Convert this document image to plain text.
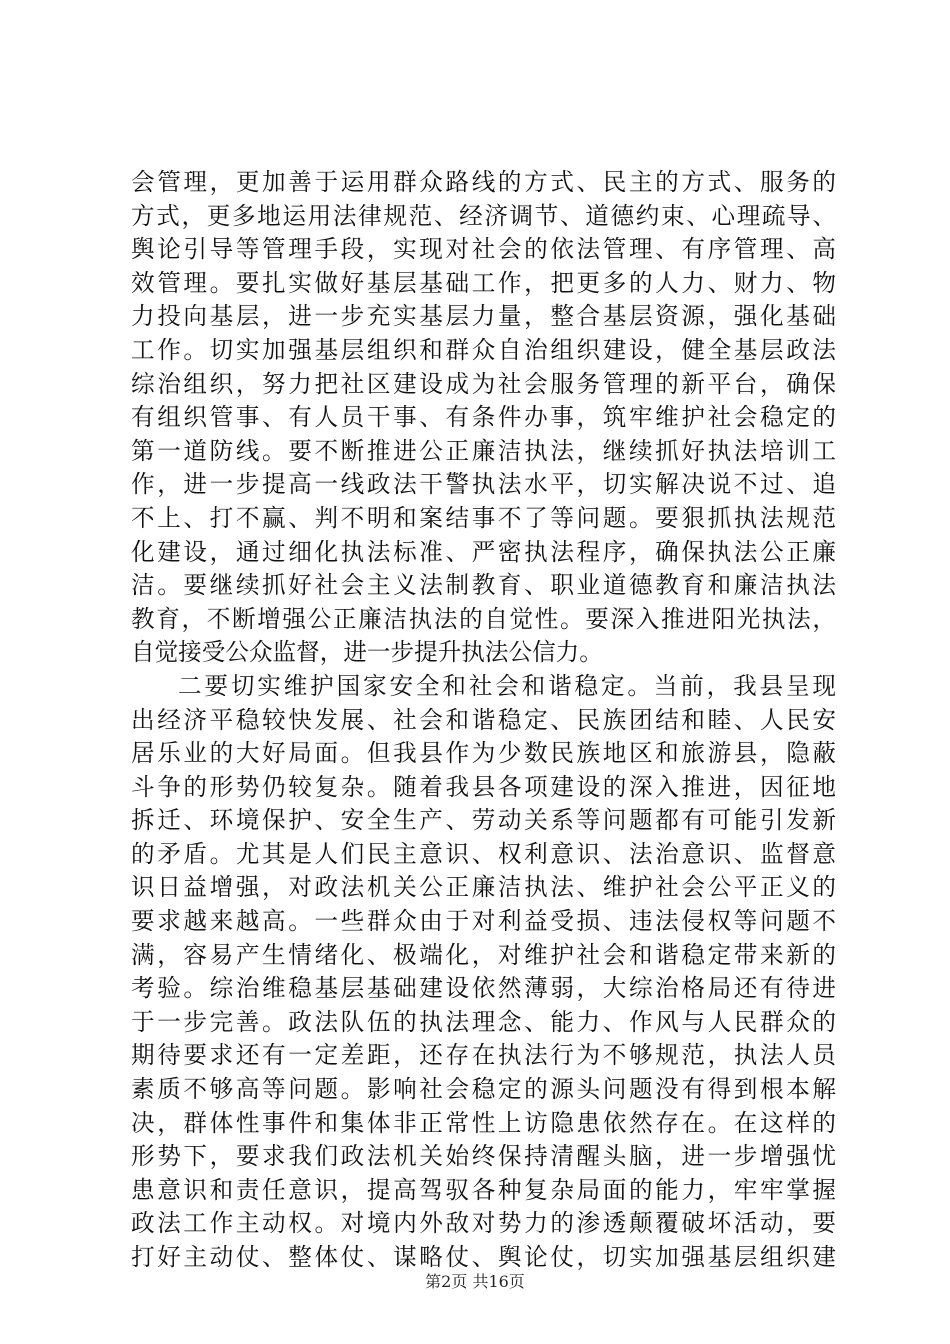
会管理，更加善于运用群众路线的方式、民主的方式、服务的
方式，更多地运用法律规范、经济调节、道德约束、心理疏导、
舆论引导等管理手段，实现对社会的依法管理、有序管理、高
效管理。要扎实做好基层基础工作，把更多的人力、财力、物
力投向基层，进一步充实基层力量，整合基层资源，强化基础
工作。切实加强基层组织和群众自治组织建设，健全基层政法
综治组织，努力把社区建设成为社会服务管理的新平台，确保
有组织管事、有人员干事、有条件办事，筑牢维护社会稳定的
第一道防线。要不断推进公正廉洁执法，继续抓好执法培训工
作，进一步提高一线政法干警执法水平，切实解决说不过、追
不上、打不赢、判不明和案结事不了等问题。要狠抓执法规范
化建设，通过细化执法标准、严密执法程序，确保执法公正廉
洁。要继续抓好社会主义法制教育、职业道德教育和廉洁执法
教育，不断增强公正廉洁执法的自觉性。要深入推进阳光执法，
自觉接受公众监督，进一步提升执法公信力。
二要切实维护国家安全和社会和谐稳定。当前，我县呈现
出经济平稳较快发展、社会和谐稳定、民族团结和睦、人民安
居乐业的大好局面。但我县作为少数民族地区和旅游县，隐蔽
斗争的形势仍较复杂。随着我县各项建设的深入推进，因征地
拆迁、环境保护、安全生产、劳动关系等问题都有可能引发新
的矛盾。尤其是人们民主意识、权利意识、法治意识、监督意
识日益增强，对政法机关公正廉洁执法、维护社会公平正义的
要求越来越高。一些群众由于对利益受损、违法侵权等问题不
满，容易产生情绪化、极端化，对维护社会和谐稳定带来新的
考验。综治维稳基层基础建设依然薄弱，大综治格局还有待进
于一步完善。政法队伍的执法理念、能力、作风与人民群众的
期待要求还有一定差距，还存在执法行为不够规范，执法人员
素质不够高等问题。影响社会稳定的源头问题没有得到根本解
决，群体性事件和集体非正常性上访隐患依然存在。在这样的
形势下，要求我们政法机关始终保持清醒头脑，进一步增强忧
患意识和责任意识，提高驾驭各种复杂局面的能力，牢牢掌握
政法工作主动权。对境内外敌对势力的渗透颠覆破坏活动，要
打好主动仗、整体仗、谋略仗、舆论仗，切实加强基层组织建
第2页 共16页
